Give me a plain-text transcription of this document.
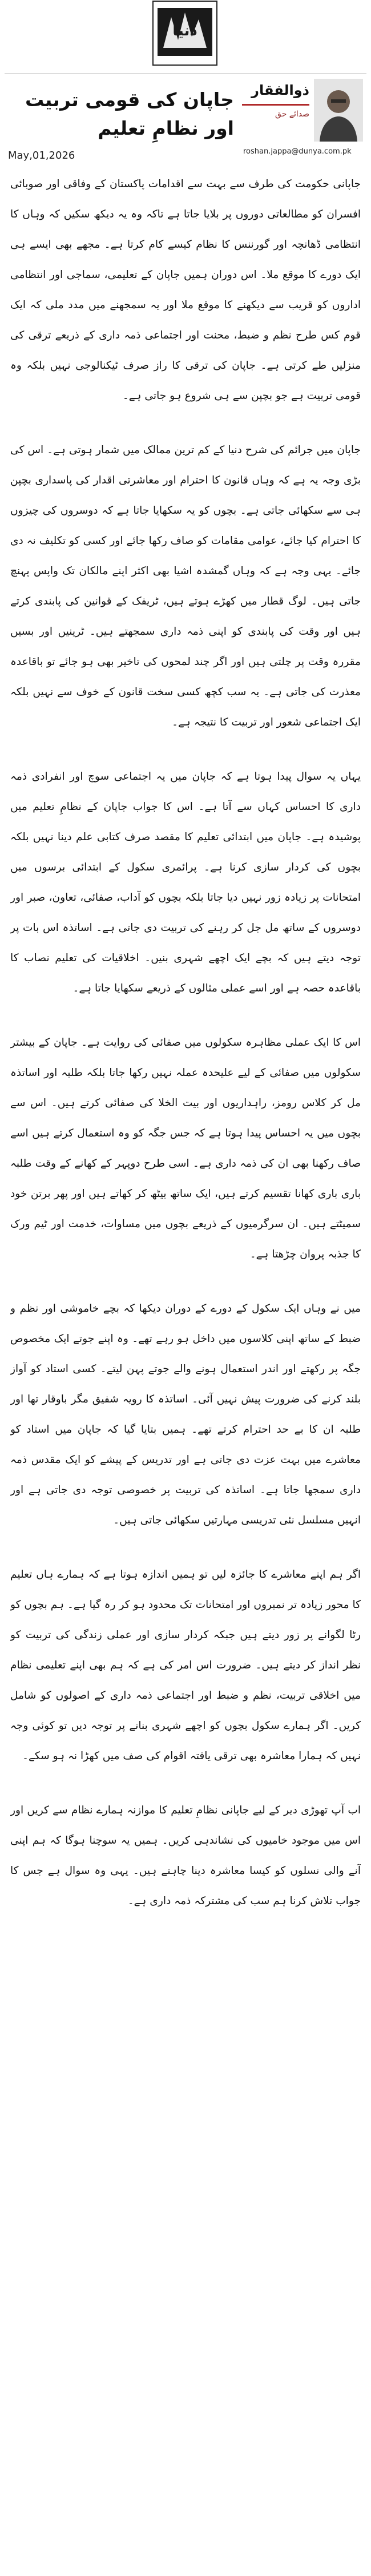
دنیا
ذوالفقار
صدائے حق
roshan.jappa@dunya.com.pk
جاپان کی قومی تربیت اور نظامِ تعلیم
May,01,2026

جاپانی حکومت کی طرف سے بہت سے اقدامات پاکستان کے وفاقی اور صوبائی افسران کو مطالعاتی دوروں پر بلایا جاتا ہے تاکہ وہ یہ دیکھ سکیں کہ وہاں کا انتظامی ڈھانچہ اور گورننس کا نظام کیسے کام کرتا ہے۔ مجھے بھی ایسے ہی ایک دورے کا موقع ملا۔ اس دوران ہمیں جاپان کے تعلیمی، سماجی اور انتظامی اداروں کو قریب سے دیکھنے کا موقع ملا اور یہ سمجھنے میں مدد ملی کہ ایک قوم کس طرح نظم و ضبط، محنت اور اجتماعی ذمہ داری کے ذریعے ترقی کی منزلیں طے کرتی ہے۔ جاپان کی ترقی کا راز صرف ٹیکنالوجی نہیں بلکہ وہ قومی تربیت ہے جو بچپن سے ہی شروع ہو جاتی ہے۔

جاپان میں جرائم کی شرح دنیا کے کم ترین ممالک میں شمار ہوتی ہے۔ اس کی بڑی وجہ یہ ہے کہ وہاں قانون کا احترام اور معاشرتی اقدار کی پاسداری بچپن ہی سے سکھائی جاتی ہے۔ بچوں کو یہ سکھایا جاتا ہے کہ دوسروں کی چیزوں کا احترام کیا جائے، عوامی مقامات کو صاف رکھا جائے اور کسی کو تکلیف نہ دی جائے۔ یہی وجہ ہے کہ وہاں گمشدہ اشیا بھی اکثر اپنے مالکان تک واپس پہنچ جاتی ہیں۔ لوگ قطار میں کھڑے ہوتے ہیں، ٹریفک کے قوانین کی پابندی کرتے ہیں اور وقت کی پابندی کو اپنی ذمہ داری سمجھتے ہیں۔ ٹرینیں اور بسیں مقررہ وقت پر چلتی ہیں اور اگر چند لمحوں کی تاخیر بھی ہو جائے تو باقاعدہ معذرت کی جاتی ہے۔ یہ سب کچھ کسی سخت قانون کے خوف سے نہیں بلکہ ایک اجتماعی شعور اور تربیت کا نتیجہ ہے۔

یہاں یہ سوال پیدا ہوتا ہے کہ جاپان میں یہ اجتماعی سوچ اور انفرادی ذمہ داری کا احساس کہاں سے آتا ہے۔ اس کا جواب جاپان کے نظامِ تعلیم میں پوشیدہ ہے۔ جاپان میں ابتدائی تعلیم کا مقصد صرف کتابی علم دینا نہیں بلکہ بچوں کی کردار سازی کرنا ہے۔ پرائمری سکول کے ابتدائی برسوں میں امتحانات پر زیادہ زور نہیں دیا جاتا بلکہ بچوں کو آداب، صفائی، تعاون، صبر اور دوسروں کے ساتھ مل جل کر رہنے کی تربیت دی جاتی ہے۔ اساتذہ اس بات پر توجہ دیتے ہیں کہ بچے ایک اچھے شہری بنیں۔ اخلاقیات کی تعلیم نصاب کا باقاعدہ حصہ ہے اور اسے عملی مثالوں کے ذریعے سکھایا جاتا ہے۔

اس کا ایک عملی مظاہرہ سکولوں میں صفائی کی روایت ہے۔ جاپان کے بیشتر سکولوں میں صفائی کے لیے علیحدہ عملہ نہیں رکھا جاتا بلکہ طلبہ اور اساتذہ مل کر کلاس رومز، راہداریوں اور بیت الخلا کی صفائی کرتے ہیں۔ اس سے بچوں میں یہ احساس پیدا ہوتا ہے کہ جس جگہ کو وہ استعمال کرتے ہیں اسے صاف رکھنا بھی ان کی ذمہ داری ہے۔ اسی طرح دوپہر کے کھانے کے وقت طلبہ باری باری کھانا تقسیم کرتے ہیں، ایک ساتھ بیٹھ کر کھاتے ہیں اور پھر برتن خود سمیٹتے ہیں۔ ان سرگرمیوں کے ذریعے بچوں میں مساوات، خدمت اور ٹیم ورک کا جذبہ پروان چڑھتا ہے۔

میں نے وہاں ایک سکول کے دورے کے دوران دیکھا کہ بچے خاموشی اور نظم و ضبط کے ساتھ اپنی کلاسوں میں داخل ہو رہے تھے۔ وہ اپنے جوتے ایک مخصوص جگہ پر رکھتے اور اندر استعمال ہونے والے جوتے پہن لیتے۔ کسی استاد کو آواز بلند کرنے کی ضرورت پیش نہیں آئی۔ اساتذہ کا رویہ شفیق مگر باوقار تھا اور طلبہ ان کا بے حد احترام کرتے تھے۔ ہمیں بتایا گیا کہ جاپان میں استاد کو معاشرے میں بہت عزت دی جاتی ہے اور تدریس کے پیشے کو ایک مقدس ذمہ داری سمجھا جاتا ہے۔ اساتذہ کی تربیت پر خصوصی توجہ دی جاتی ہے اور انہیں مسلسل نئی تدریسی مہارتیں سکھائی جاتی ہیں۔

اگر ہم اپنے معاشرے کا جائزہ لیں تو ہمیں اندازہ ہوتا ہے کہ ہمارے ہاں تعلیم کا محور زیادہ تر نمبروں اور امتحانات تک محدود ہو کر رہ گیا ہے۔ ہم بچوں کو رٹا لگوانے پر زور دیتے ہیں جبکہ کردار سازی اور عملی زندگی کی تربیت کو نظر انداز کر دیتے ہیں۔ ضرورت اس امر کی ہے کہ ہم بھی اپنے تعلیمی نظام میں اخلاقی تربیت، نظم و ضبط اور اجتماعی ذمہ داری کے اصولوں کو شامل کریں۔ اگر ہمارے سکول بچوں کو اچھے شہری بنانے پر توجہ دیں تو کوئی وجہ نہیں کہ ہمارا معاشرہ بھی ترقی یافتہ اقوام کی صف میں کھڑا نہ ہو سکے۔

اب آپ تھوڑی دیر کے لیے جاپانی نظامِ تعلیم کا موازنہ ہمارے نظام سے کریں اور اس میں موجود خامیوں کی نشاندہی کریں۔ ہمیں یہ سوچنا ہوگا کہ ہم اپنی آنے والی نسلوں کو کیسا معاشرہ دینا چاہتے ہیں۔ یہی وہ سوال ہے جس کا جواب تلاش کرنا ہم سب کی مشترکہ ذمہ داری ہے۔
